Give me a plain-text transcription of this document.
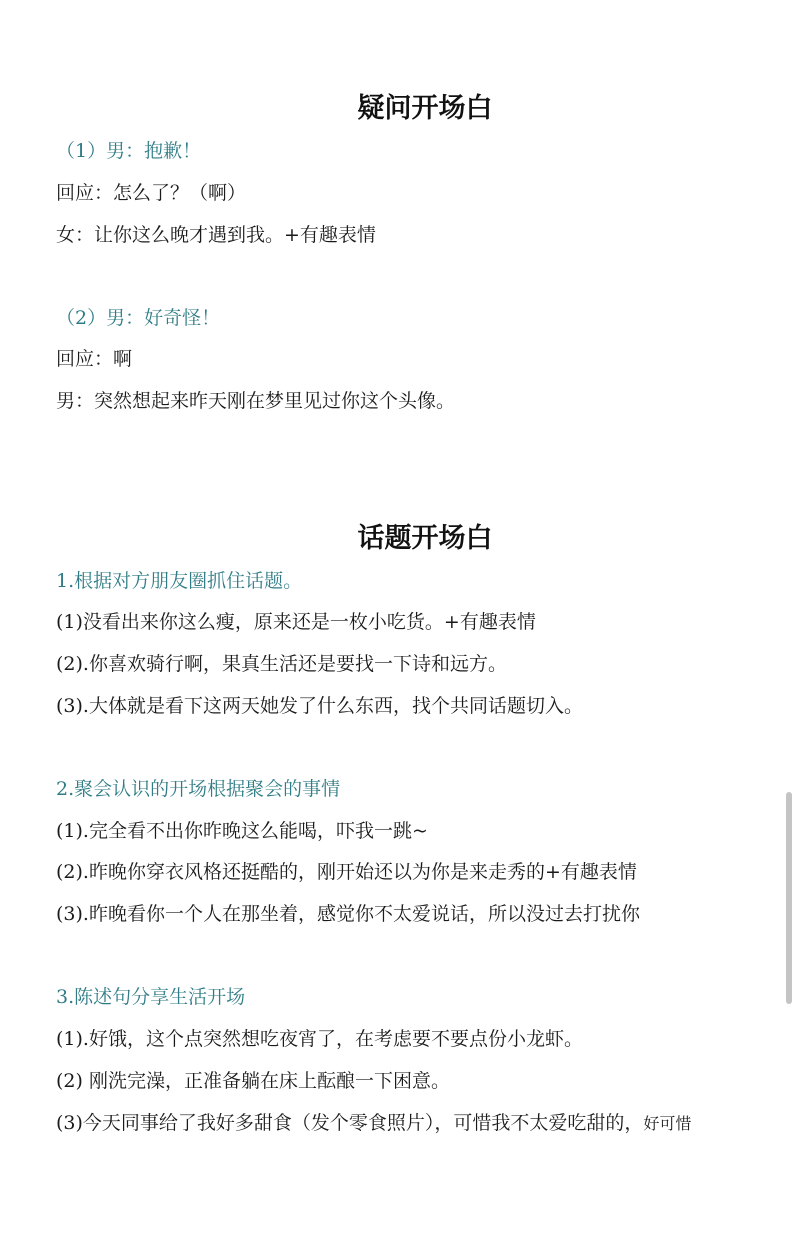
疑问开场白
（1）男：抱歉！
回应：怎么了？（啊）
女：让你这么晚才遇到我。+有趣表情
（2）男：好奇怪！
回应：啊
男：突然想起来昨天刚在梦里见过你这个头像。
话题开场白
1.根据对方朋友圈抓住话题。
(1)没看出来你这么瘦，原来还是一枚小吃货。+有趣表情
(2).你喜欢骑行啊，果真生活还是要找一下诗和远方。
(3).大体就是看下这两天她发了什么东西，找个共同话题切入。
2.聚会认识的开场根据聚会的事情
(1).完全看不出你昨晚这么能喝，吓我一跳~
(2).昨晚你穿衣风格还挺酷的，刚开始还以为你是来走秀的+有趣表情
(3).昨晚看你一个人在那坐着，感觉你不太爱说话，所以没过去打扰你
3.陈述句分享生活开场
(1).好饿，这个点突然想吃夜宵了，在考虑要不要点份小龙虾。
(2) 刚洗完澡，正准备躺在床上酝酿一下困意。
(3)今天同事给了我好多甜食（发个零食照片），可惜我不太爱吃甜的，好可惜
